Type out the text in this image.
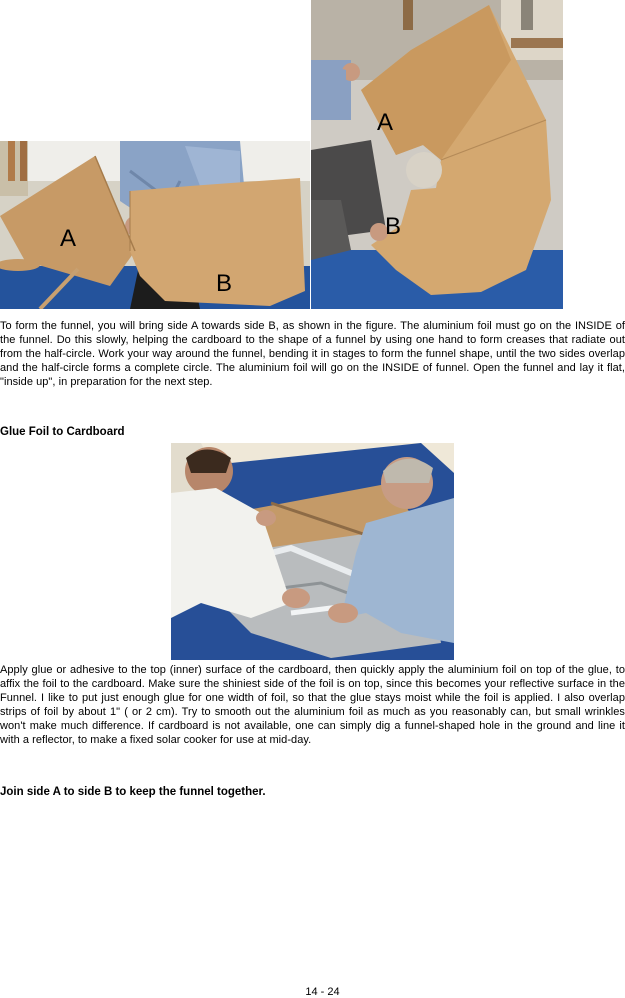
A
B
A
B
To form the funnel, you will bring side A towards side B, as shown in the figure. The aluminium foil must go on the INSIDE of the funnel. Do this slowly, helping the cardboard to the shape of a funnel by using one hand to form creases that radiate out from the half-circle. Work your way around the funnel, bending it in stages to form the funnel shape, until the two sides overlap and the half-circle forms a complete circle. The aluminium foil will go on the INSIDE of funnel. Open the funnel and lay it flat, "inside up", in preparation for the next step.
Glue Foil to Cardboard
Apply glue or adhesive to the top (inner) surface of the cardboard, then quickly apply the aluminium foil on top of the glue, to affix the foil to the cardboard. Make sure the shiniest side of the foil is on top, since this becomes your reflective surface in the Funnel. I like to put just enough glue for one width of foil, so that the glue stays moist while the foil is applied. I also overlap strips of foil by about 1" ( or 2 cm). Try to smooth out the aluminium foil as much as you reasonably can, but small wrinkles won't make much difference. If cardboard is not available, one can simply dig a funnel-shaped hole in the ground and line it with a reflector, to make a fixed solar cooker for use at mid-day.
Join side A to side B to keep the funnel together.
14 - 24
